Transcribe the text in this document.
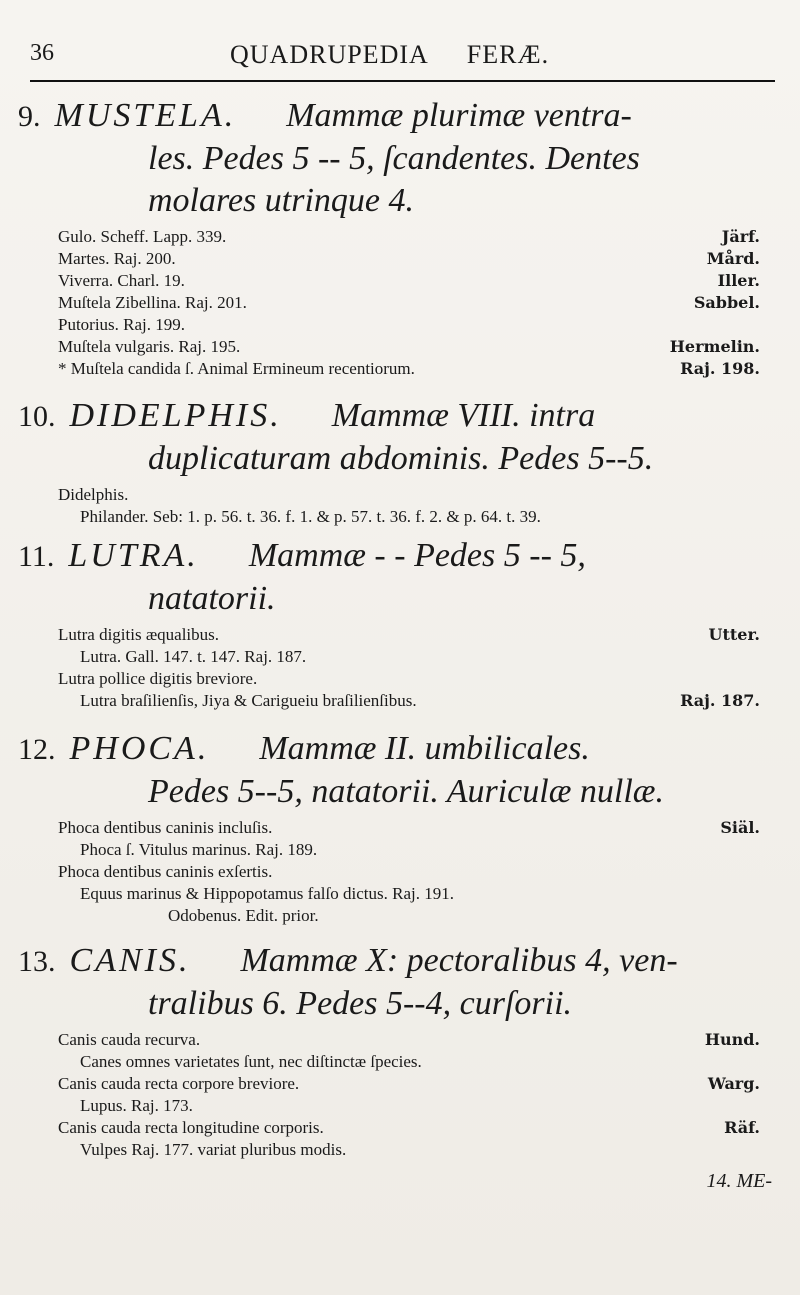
36	QUADRUPEDIA FERÆ.
9. MUSTELA. Mammæ plurimæ ventra-
les. Pedes 5 -- 5, ſcandentes. Dentes
molares utrinque 4.
Gulo. Scheff. Lapp. 339.	Järf.
Martes. Raj. 200.	Mård.
Viverra. Charl. 19.	Iller.
Muſtela Zibellina. Raj. 201.	Sabbel.
Putorius. Raj. 199.
Muſtela vulgaris. Raj. 195.	Hermelin.
* Muſtela candida ſ. Animal Ermineum recentiorum.	Raj. 198.
10. DIDELPHIS. Mammæ VIII. intra
duplicaturam abdominis. Pedes 5--5.
Didelphis.
Philander. Seb: 1. p. 56. t. 36. f. 1. & p. 57. t. 36. f. 2. & p. 64. t. 39.
11. LUTRA. Mammæ - - Pedes 5 -- 5,
natatorii.
Lutra digitis æqualibus.	Utter.
Lutra. Gall. 147. t. 147. Raj. 187.
Lutra pollice digitis breviore.
Lutra braſilienſis, Jiya & Carigueiu braſilienſibus.	Raj. 187.
12. PHOCA. Mammæ II. umbilicales.
Pedes 5--5, natatorii. Auriculæ nullæ.
Phoca dentibus caninis incluſis.	Siäl.
Phoca ſ. Vitulus marinus. Raj. 189.
Phoca dentibus caninis exſertis.
Equus marinus & Hippopotamus falſo dictus. Raj. 191.
Odobenus. Edit. prior.
13. CANIS. Mammæ X: pectoralibus 4, ven-
tralibus 6. Pedes 5--4, curſorii.
Canis cauda recurva.	Hund.
Canes omnes varietates ſunt, nec diſtinctæ ſpecies.
Canis cauda recta corpore breviore.	Warg.
Lupus. Raj. 173.
Canis cauda recta longitudine corporis.	Räf.
Vulpes Raj. 177. variat pluribus modis.
14. ME-
